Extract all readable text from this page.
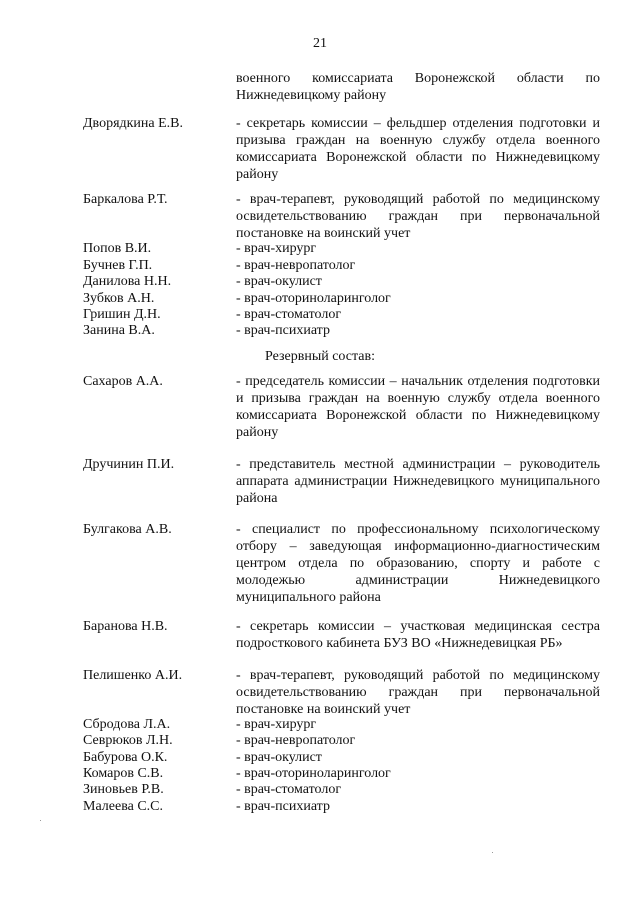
21
военного комиссариата Воронежской области по Нижнедевицкому району
Дворядкина Е.В.	- секретарь комиссии – фельдшер отделения подготовки и призыва граждан на военную службу отдела военного комиссариата Воронежской области по Нижнедевицкому району
Баркалова Р.Т.	- врач-терапевт, руководящий работой по медицинскому освидетельствованию граждан при первоначальной постановке на воинский учет
Попов В.И.	- врач-хирург
Бучнев Г.П.	- врач-невропатолог
Данилова Н.Н.	- врач-окулист
Зубков А.Н.	- врач-оториноларинголог
Гришин Д.Н.	- врач-стоматолог
Занина В.А.	- врач-психиатр
Резервный состав:
Сахаров А.А.	- председатель комиссии – начальник отделения подготовки и призыва граждан на военную службу отдела военного комиссариата Воронежской области по Нижнедевицкому району
Дручинин П.И.	- представитель местной администрации – руководитель аппарата администрации Нижнедевицкого муниципального района
Булгакова А.В.	- специалист по профессиональному психологическому отбору – заведующая информационно-диагностическим центром отдела по образованию, спорту и работе с молодежью администрации Нижнедевицкого муниципального района
Баранова Н.В.	- секретарь комиссии – участковая медицинская сестра подросткового кабинета БУЗ ВО «Нижнедевицкая РБ»
Пелишенко А.И.	- врач-терапевт, руководящий работой по медицинскому освидетельствованию граждан при первоначальной постановке на воинский учет
Сбродова Л.А.	- врач-хирург
Севрюков Л.Н.	- врач-невропатолог
Бабурова О.К.	- врач-окулист
Комаров С.В.	- врач-оториноларинголог
Зиновьев Р.В.	- врач-стоматолог
Малеева С.С.	- врач-психиатр
